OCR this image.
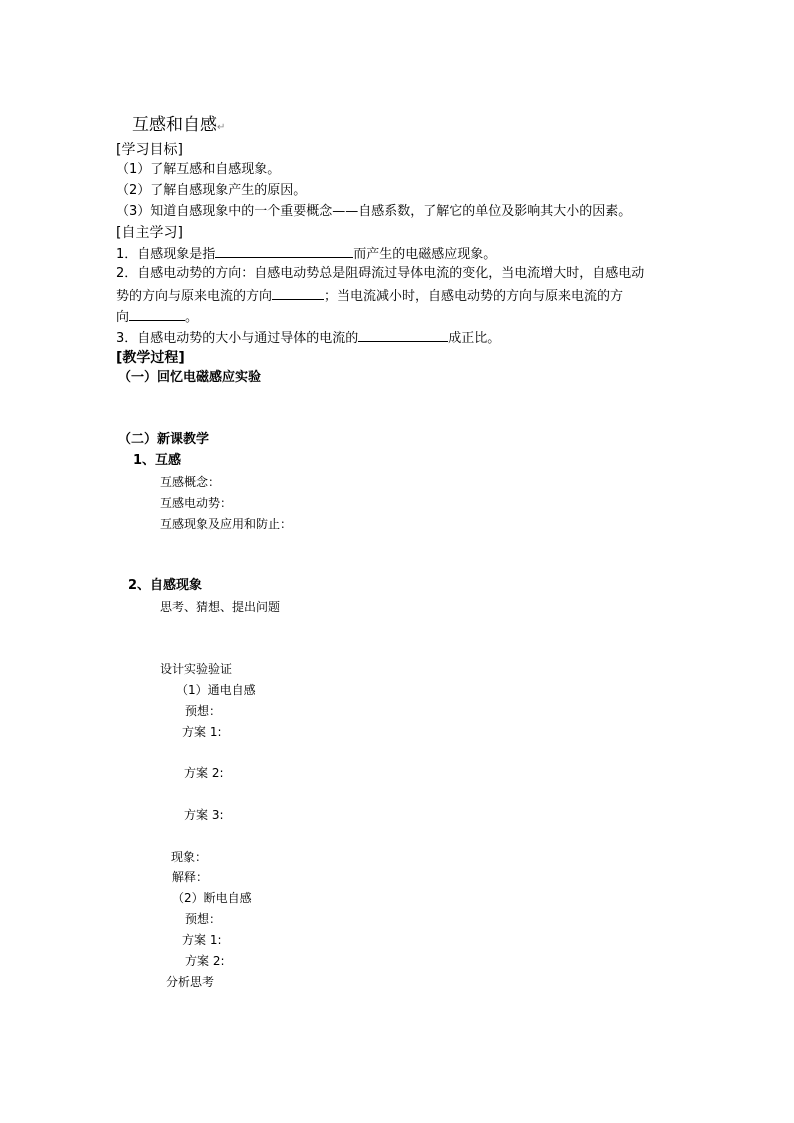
互感和自感↵
[学习目标]
（1）了解互感和自感现象。
（2）了解自感现象产生的原因。
（3）知道自感现象中的一个重要概念——自感系数，了解它的单位及影响其大小的因素。
[自主学习]
1．自感现象是指	而产生的电磁感应现象。
2．自感电动势的方向：自感电动势总是阻碍流过导体电流的变化，当电流增大时，自感电动
势的方向与原来电流的方向	；当电流减小时，自感电动势的方向与原来电流的方
向	。
3．自感电动势的大小与通过导体的电流的	成正比。
[教学过程]
（一）回忆电磁感应实验
（二）新课教学
1、互感
互感概念：
互感电动势：
互感现象及应用和防止：
2、自感现象
思考、猜想、提出问题
设计实验验证
（1）通电自感
预想：
方案 1:
方案 2:
方案 3:
现象：
解释：
（2）断电自感
预想：
方案 1:
方案 2:
分析思考
